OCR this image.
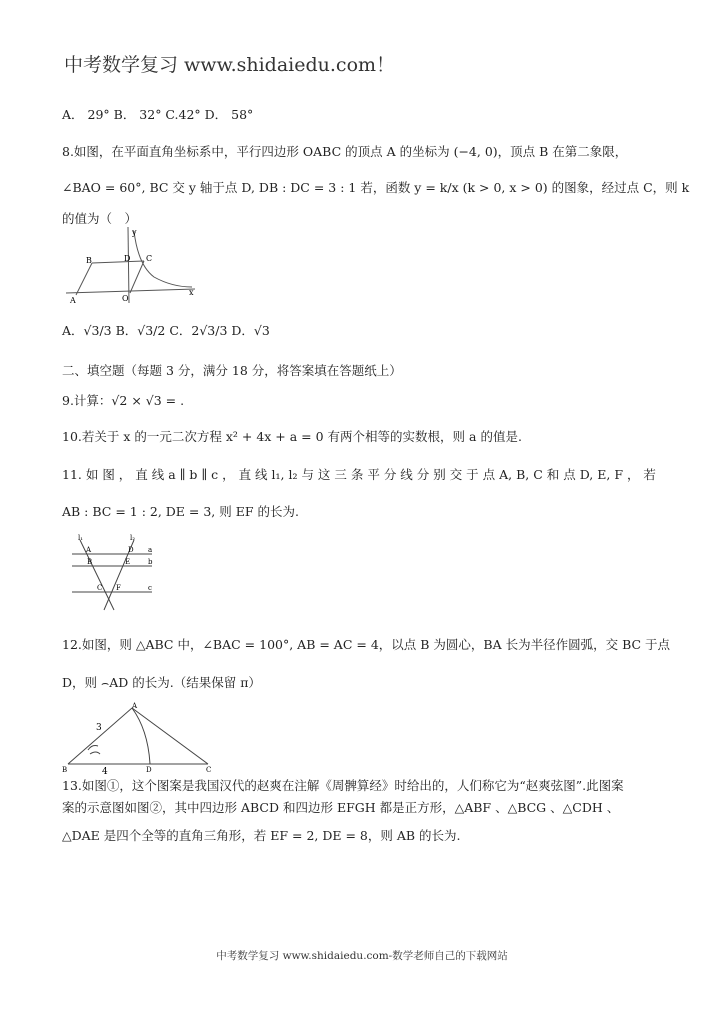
中考数学复习 www.shidaiedu.com！
A． 29° B． 32° C.42° D． 58°
8.如图，在平面直角坐标系中，平行四边形 OABC 的顶点 A 的坐标为 (−4, 0)，顶点 B 在第二象限，
∠BAO = 60°, BC 交 y 轴于点 D, DB : DC = 3 : 1 若，函数 y = k/x (k > 0, x > 0) 的图象，经过点 C，则 k
的值为（　）
y
B	D C
A	O
x
A．√3/3 B．√3/2 C．2√3/3 D．√3
二、填空题（每题 3 分，满分 18 分，将答案填在答题纸上）
9.计算：√2 × √3 = .
10.若关于 x 的一元二次方程 x² + 4x + a = 0 有两个相等的实数根，则 a 的值是.
11. 如 图 ， 直 线 a ∥ b ∥ c ， 直 线 l₁, l₂ 与 这 三 条 平 分 线 分 别 交 于 点 A, B, C 和 点 D, E, F ， 若
AB : BC = 1 : 2, DE = 3, 则 EF 的长为.
l₁	l₂
A	D a
B	E	b
C F	c
12.如图，则 △ABC 中，∠BAC = 100°, AB = AC = 4，以点 B 为圆心，BA 长为半径作圆弧，交 BC 于点
D，则 ⌢AD 的长为.（结果保留 π）
A
B	D	C
3
4
13.如图①，这个图案是我国汉代的赵爽在注解《周髀算经》时给出的，人们称它为“赵爽弦图”.此图案
案的示意图如图②，其中四边形 ABCD 和四边形 EFGH 都是正方形，△ABF 、△BCG 、△CDH 、
△DAE 是四个全等的直角三角形，若 EF = 2, DE = 8，则 AB 的长为.
中考数学复习 www.shidaiedu.com-数学老师自己的下载网站
